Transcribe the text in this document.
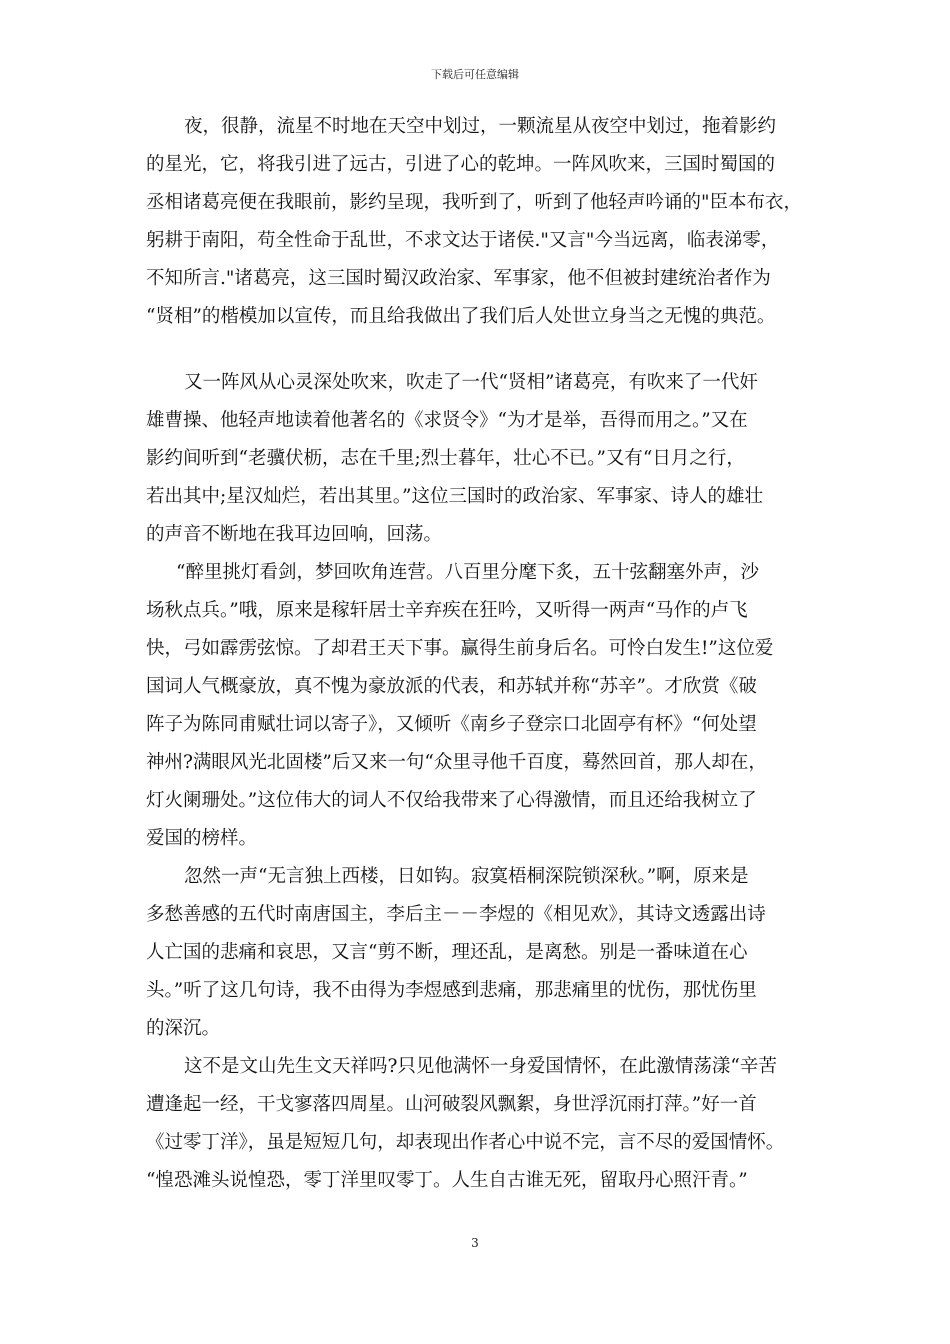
下载后可任意编辑
夜，很静，流星不时地在天空中划过，一颗流星从夜空中划过，拖着影约
的星光，它，将我引进了远古，引进了心的乾坤。一阵风吹来，三国时蜀国的
丞相诸葛亮便在我眼前，影约呈现，我听到了，听到了他轻声吟诵的"臣本布衣，
躬耕于南阳，苟全性命于乱世，不求文达于诸侯."又言"今当远离，临表涕零，
不知所言."诸葛亮，这三国时蜀汉政治家、军事家，他不但被封建统治者作为
“贤相”的楷模加以宣传，而且给我做出了我们后人处世立身当之无愧的典范。
又一阵风从心灵深处吹来，吹走了一代“贤相”诸葛亮，有吹来了一代奸
雄曹操、他轻声地读着他著名的《求贤令》“为才是举，吾得而用之。”又在
影约间听到“老骥伏枥，志在千里;烈士暮年，壮心不已。”又有“日月之行，
若出其中;星汉灿烂，若出其里。”这位三国时的政治家、军事家、诗人的雄壮
的声音不断地在我耳边回响，回荡。
“醉里挑灯看剑，梦回吹角连营。八百里分麾下炙，五十弦翻塞外声，沙
场秋点兵。”哦，原来是稼轩居士辛弃疾在狂吟，又听得一两声“马作的卢飞
快，弓如霹雳弦惊。了却君王天下事。赢得生前身后名。可怜白发生!”这位爱
国词人气概豪放，真不愧为豪放派的代表，和苏轼并称“苏辛”。才欣赏《破
阵子为陈同甫赋壮词以寄子》，又倾听《南乡子登宗口北固亭有杯》“何处望
神州?满眼风光北固楼”后又来一句“众里寻他千百度，蓦然回首，那人却在，
灯火阑珊处。”这位伟大的词人不仅给我带来了心得激情，而且还给我树立了
爱国的榜样。
忽然一声“无言独上西楼，日如钩。寂寞梧桐深院锁深秋。”啊，原来是
多愁善感的五代时南唐国主，李后主－－李煜的《相见欢》，其诗文透露出诗
人亡国的悲痛和哀思，又言“剪不断，理还乱，是离愁。别是一番味道在心
头。”听了这几句诗，我不由得为李煜感到悲痛，那悲痛里的忧伤，那忧伤里
的深沉。
这不是文山先生文天祥吗?只见他满怀一身爱国情怀，在此激情荡漾“辛苦
遭逢起一经，干戈寥落四周星。山河破裂风飘絮，身世浮沉雨打萍。”好一首
《过零丁洋》，虽是短短几句，却表现出作者心中说不完，言不尽的爱国情怀。
“惶恐滩头说惶恐，零丁洋里叹零丁。人生自古谁无死，留取丹心照汗青。”
3
